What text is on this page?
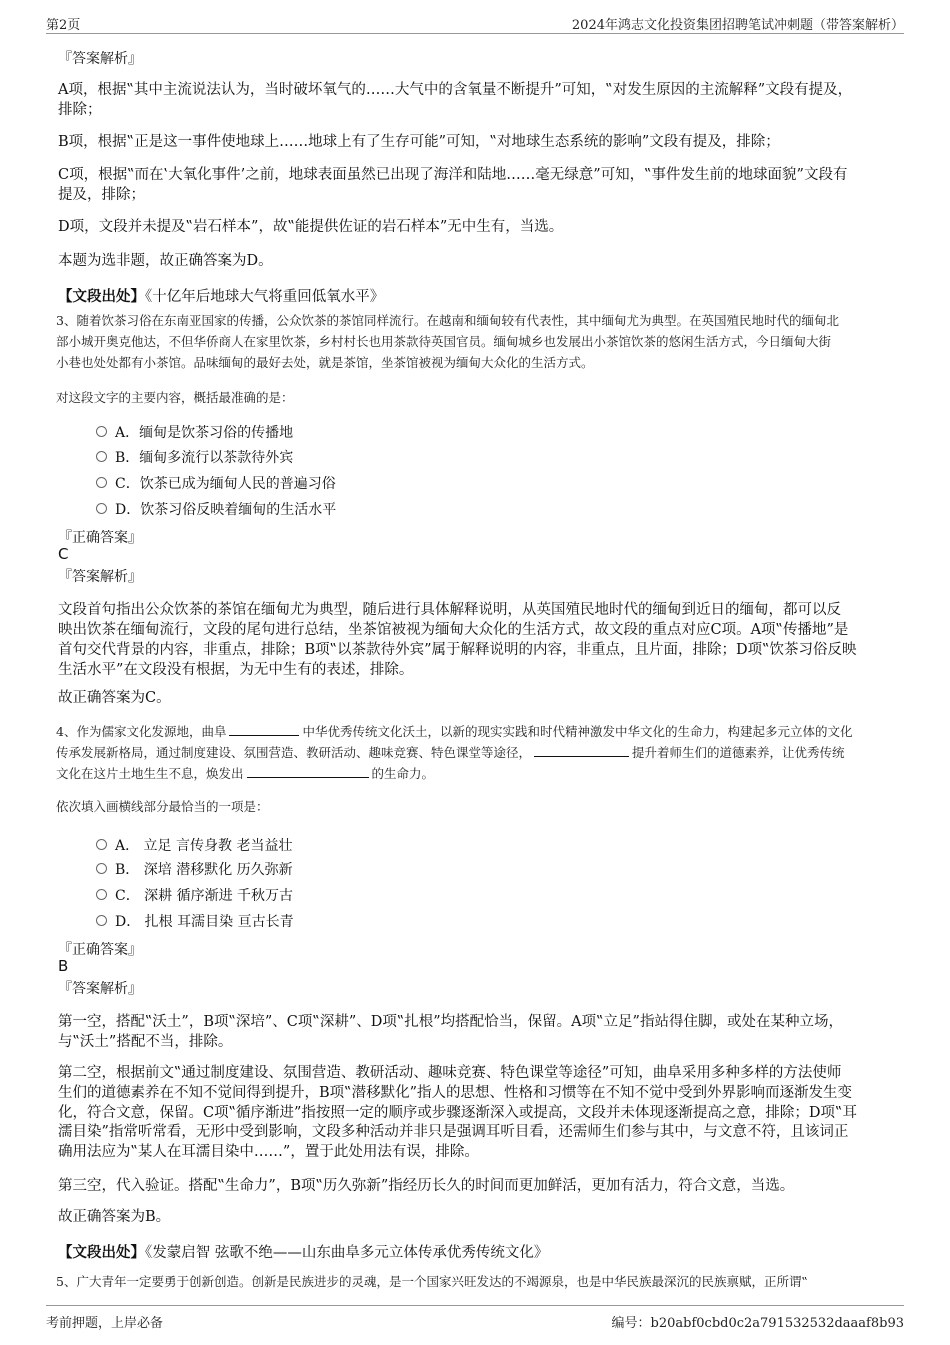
第2页	2024年鸿志文化投资集团招聘笔试冲刺题（带答案解析）
『答案解析』
A项，根据‟其中主流说法认为，当时破坏氧气的……大气中的含氧量不断提升”可知，‟对发生原因的主流解释”文段有提及，
排除；
B项，根据‟正是这一事件使地球上……地球上有了生存可能”可知，‟对地球生态系统的影响”文段有提及，排除；
C项，根据‟而在‛大氧化事件’之前，地球表面虽然已出现了海洋和陆地……毫无绿意”可知，‟事件发生前的地球面貌”文段有
提及，排除；
D项，文段并未提及‟岩石样本”，故‟能提供佐证的岩石样本”无中生有，当选。
本题为选非题，故正确答案为D。
【文段出处】《十亿年后地球大气将重回低氧水平》
3、随着饮茶习俗在东南亚国家的传播，公众饮茶的茶馆同样流行。在越南和缅甸较有代表性，其中缅甸尤为典型。在英国殖民地时代的缅甸北
部小城开奥克他达，不但华侨商人在家里饮茶，乡村村长也用茶款待英国官员。缅甸城乡也发展出小茶馆饮茶的悠闲生活方式，今日缅甸大街
小巷也处处都有小茶馆。品味缅甸的最好去处，就是茶馆，坐茶馆被视为缅甸大众化的生活方式。
对这段文字的主要内容，概括最准确的是：
A．缅甸是饮茶习俗的传播地
B．缅甸多流行以茶款待外宾
C．饮茶已成为缅甸人民的普遍习俗
D．饮茶习俗反映着缅甸的生活水平
『正确答案』
C
『答案解析』
文段首句指出公众饮茶的茶馆在缅甸尤为典型，随后进行具体解释说明，从英国殖民地时代的缅甸到近日的缅甸，都可以反
映出饮茶在缅甸流行，文段的尾句进行总结，坐茶馆被视为缅甸大众化的生活方式，故文段的重点对应C项。A项‟传播地”是
首句交代背景的内容，非重点，排除；B项‟以茶款待外宾”属于解释说明的内容，非重点，且片面，排除；D项‟饮茶习俗反映
生活水平”在文段没有根据，为无中生有的表述，排除。
故正确答案为C。
4、作为儒家文化发源地，曲阜	中华优秀传统文化沃土，以新的现实实践和时代精神激发中华文化的生命力，构建起多元立体的文化
传承发展新格局，通过制度建设、氛围营造、教研活动、趣味竞赛、特色课堂等途径，	提升着师生们的道德素养，让优秀传统
文化在这片土地生生不息，焕发出	的生命力。
依次填入画横线部分最恰当的一项是：
A． 立足 言传身教 老当益壮
B． 深培 潜移默化 历久弥新
C． 深耕 循序渐进 千秋万古
D． 扎根 耳濡目染 亘古长青
『正确答案』
B
『答案解析』
第一空，搭配‟沃土”，B项‟深培”、C项‟深耕”、D项‟扎根”均搭配恰当，保留。A项‟立足”指站得住脚，或处在某种立场，
与‟沃土”搭配不当，排除。
第二空，根据前文‟通过制度建设、氛围营造、教研活动、趣味竞赛、特色课堂等途径”可知，曲阜采用多种多样的方法使师
生们的道德素养在不知不觉间得到提升，B项‟潜移默化”指人的思想、性格和习惯等在不知不觉中受到外界影响而逐渐发生变
化，符合文意，保留。C项‟循序渐进”指按照一定的顺序或步骤逐渐深入或提高，文段并未体现逐渐提高之意，排除；D项‟耳
濡目染”指常听常看，无形中受到影响，文段多种活动并非只是强调耳听目看，还需师生们参与其中，与文意不符，且该词正
确用法应为‟某人在耳濡目染中……”，置于此处用法有误，排除。
第三空，代入验证。搭配‟生命力”，B项‟历久弥新”指经历长久的时间而更加鲜活，更加有活力，符合文意，当选。
故正确答案为B。
【文段出处】《发蒙启智 弦歌不绝——山东曲阜多元立体传承优秀传统文化》
5、广大青年一定要勇于创新创造。创新是民族进步的灵魂，是一个国家兴旺发达的不竭源泉，也是中华民族最深沉的民族禀赋，正所谓‟
考前押题，上岸必备	编号：b20abf0cbd0c2a791532532daaaf8b93
